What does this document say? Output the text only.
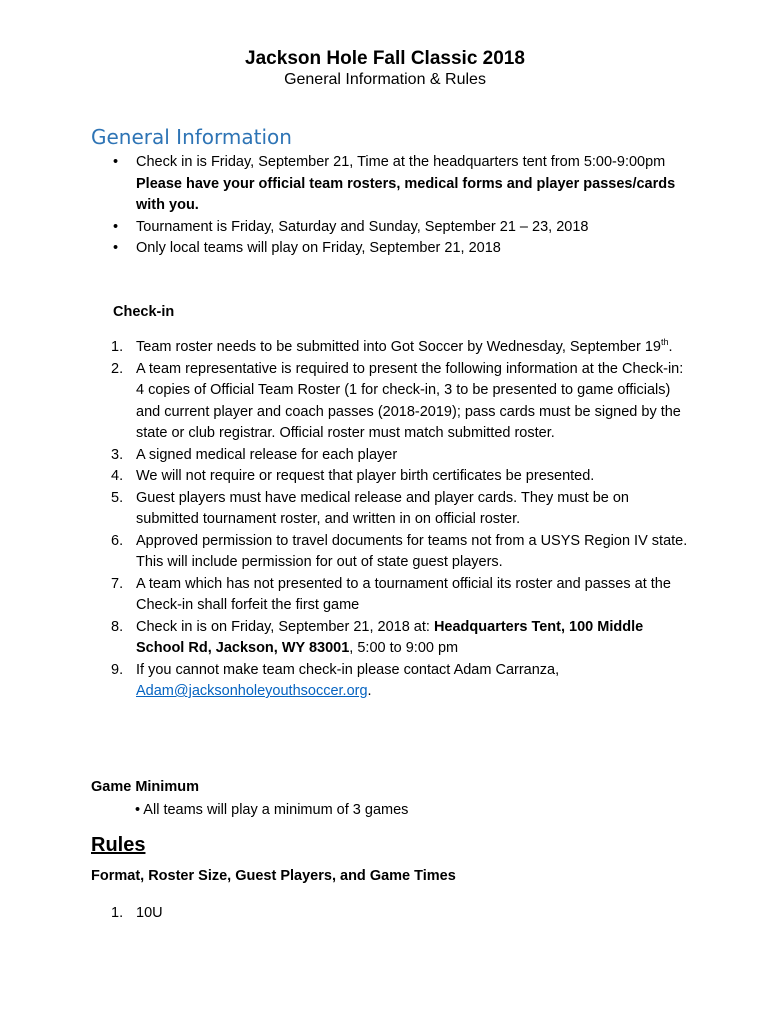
Jackson Hole Fall Classic 2018
General Information & Rules
General Information
• Check in is Friday, September 21, Time at the headquarters tent from 5:00-9:00pm
Please have your official team rosters, medical forms and player passes/cards with you.
• Tournament is Friday, Saturday and Sunday, September 21 – 23, 2018
• Only local teams will play on Friday, September 21, 2018
Check-in
1. Team roster needs to be submitted into Got Soccer by Wednesday, September 19th.
2. A team representative is required to present the following information at the Check-in: 4 copies of Official Team Roster (1 for check-in, 3 to be presented to game officials) and current player and coach passes (2018-2019); pass cards must be signed by the state or club registrar. Official roster must match submitted roster.
3. A signed medical release for each player
4. We will not require or request that player birth certificates be presented.
5. Guest players must have medical release and player cards. They must be on submitted tournament roster, and written in on official roster.
6. Approved permission to travel documents for teams not from a USYS Region IV state. This will include permission for out of state guest players.
7. A team which has not presented to a tournament official its roster and passes at the Check-in shall forfeit the first game
8. Check in is on Friday, September 21, 2018 at: Headquarters Tent, 100 Middle School Rd, Jackson, WY 83001, 5:00 to 9:00 pm
9. If you cannot make team check-in please contact Adam Carranza, Adam@jacksonholeyouthsoccer.org.
Game Minimum
• All teams will play a minimum of 3 games
Rules
Format, Roster Size, Guest Players, and Game Times
1. 10U
